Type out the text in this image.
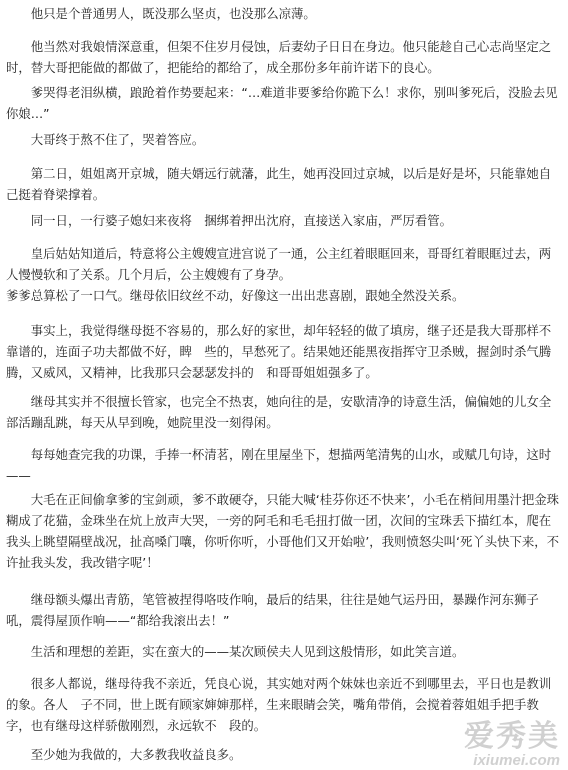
　　他只是个普通男人，既没那么坚贞，也没那么凉薄。

　　他当然对我娘情深意重，但架不住岁月侵蚀，后妻幼子日日在身边。他只能趁自己心志尚坚定之时，替大哥把能做的都做了，把能给的都给了，成全那份多年前许诺下的良心。

　　爹哭得老泪纵横，踉跄着作势要起来：“…难道非要爹给你跪下么！求你，别叫爹死后，没脸去见你娘…”

　　大哥终于熬不住了，哭着答应。

　　第二日，姐姐离开京城，随夫婿远行就藩，此生，她再没回过京城，以后是好是坏，只能靠她自己挺着脊梁撑着。

　　同一日，一行婆子媳妇来夜将　捆绑着押出沈府，直接送入家庙，严厉看管。

　　皇后姑姑知道后，特意将公主嫂嫂宣进宫说了一通，公主红着眼眶回来，哥哥红着眼眶过去，两人慢慢软和了关系。几个月后，公主嫂嫂有了身孕。
爹爹总算松了一口气。继母依旧纹丝不动，好像这一出出悲喜剧，跟她全然没关系。

　　事实上，我觉得继母挺不容易的，那么好的家世，却年轻轻的做了填房，继子还是我大哥那样不靠谱的，连面子功夫都做不好，睥　些的，早愁死了。结果她还能黑夜指挥守卫杀贼，握剑时杀气腾腾，又威风，又精神，比我那只会瑟瑟发抖的　和哥哥姐姐强多了。

　　继母其实并不很擅长管家，也完全不热衷，她向往的是，安歇清净的诗意生活，偏偏她的儿女全部活蹦乱跳，每天从早到晚，她院里没一刻得闲。

　　每每她查完我的功课，手捧一杯清茗，刚在里屋坐下，想描两笔清隽的山水，或赋几句诗，这时——

　　大毛在正间偷拿爹的宝剑顽，爹不敢硬夺，只能大喊‘桂芬你还不快来’，小毛在梢间用墨汁把金珠糊成了花猫，金珠坐在炕上放声大哭，一旁的阿毛和毛毛扭打做一团，次间的宝珠丢下描红本，爬在我头上眺望隔壁战况，扯高嗓门嚷，你听你听，小哥他们又开始啦’，我则愤怒尖叫‘死丫头快下来，不许扯我头发，我改错字呢’！

　　继母额头爆出青筋，笔管被捏得咯吱作响，最后的结果，往往是她气运丹田，暴躁作河东狮子吼，震得屋顶作响——“都给我滚出去！”

　　生活和理想的差距，实在蛮大的——某次顾侯夫人见到这般情形，如此笑言道。

　　很多人都说，继母待我不亲近，凭良心说，其实她对两个妹妹也亲近不到哪里去，平日也是教训的象。各人　子不同，世上既有顾家婶婶那样，生来眼睛会笑，嘴角带俏，会搅着蓉姐姐手把手教字，也有继母这样骄傲刚烈，永远软不　段的。

　　至少她为我做的，大多教我收益良多。

爱秀美
ixiumei.com
